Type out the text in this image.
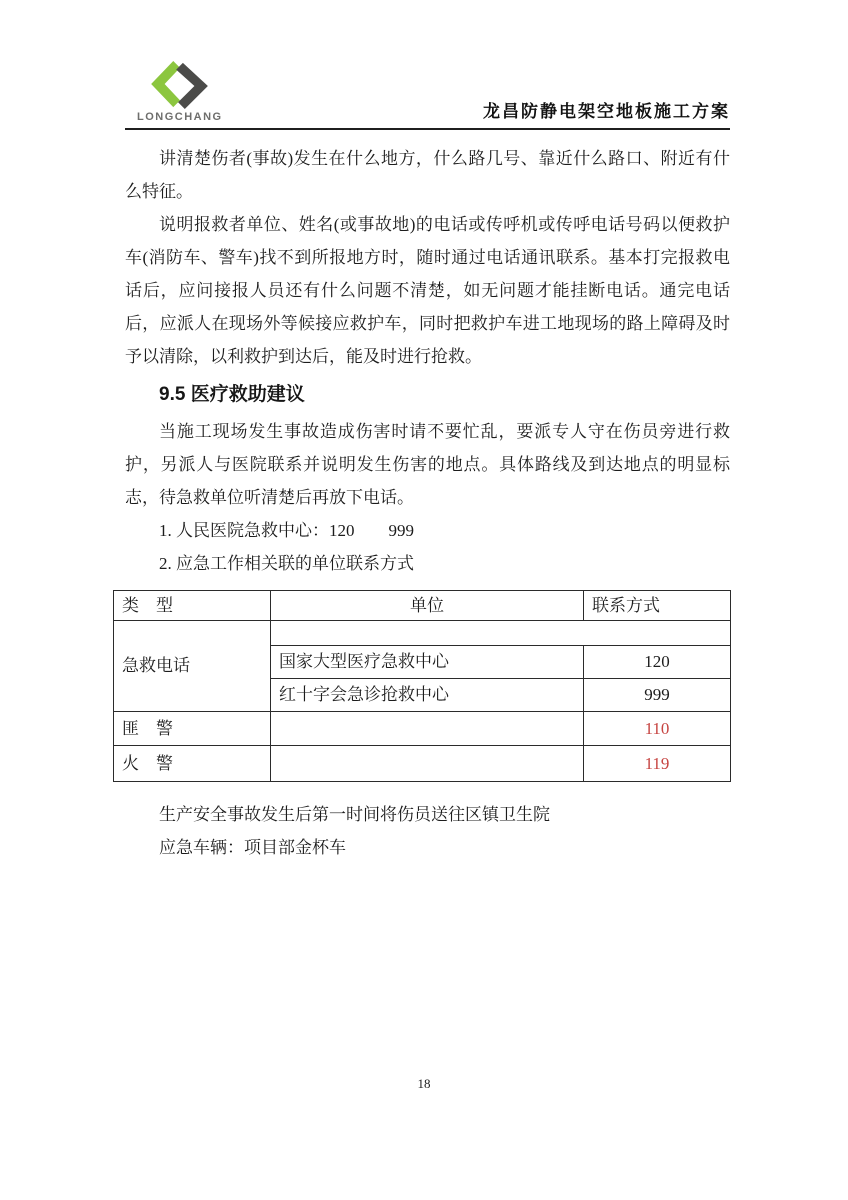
LONGCHANG	龙昌防静电架空地板施工方案

讲清楚伤者(事故)发生在什么地方，什么路几号、靠近什么路口、附近有什么特征。

说明报救者单位、姓名(或事故地)的电话或传呼机或传呼电话号码以便救护车(消防车、警车)找不到所报地方时，随时通过电话通讯联系。基本打完报救电话后，应问接报人员还有什么问题不清楚，如无问题才能挂断电话。通完电话后，应派人在现场外等候接应救护车，同时把救护车进工地现场的路上障碍及时予以清除，以利救护到达后，能及时进行抢救。

9.5 医疗救助建议

当施工现场发生事故造成伤害时请不要忙乱，要派专人守在伤员旁进行救护，另派人与医院联系并说明发生伤害的地点。具体路线及到达地点的明显标志，待急救单位听清楚后再放下电话。

1. 人民医院急救中心：120　　999

2. 应急工作相关联的单位联系方式

类　型	单位	联系方式
急救电话		
	国家大型医疗急救中心	120
	红十字会急诊抢救中心	999
匪　警		110
火　警		119

生产安全事故发生后第一时间将伤员送往区镇卫生院

应急车辆：项目部金杯车

18
